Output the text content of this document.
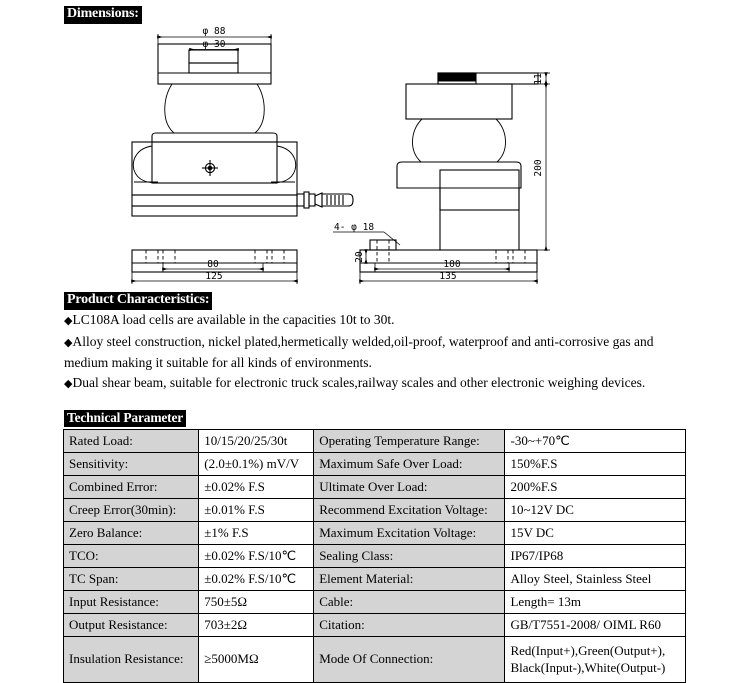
Dimensions:
Product Characteristics:
Technical Parameter
φ 88
φ 30
80
125
4- φ 18
20
100
135
11
200
◆LC108A load cells are available in the capacities 10t to 30t.
◆Alloy steel construction, nickel plated,hermetically welded,oil-proof, waterproof and anti-corrosive gas and medium making it suitable for all kinds of environments.
◆Dual shear beam, suitable for electronic truck scales,railway scales and other electronic weighing devices.
Rated Load:	10/15/20/25/30t	Operating Temperature Range:	-30~+70℃
Sensitivity:	(2.0±0.1%) mV/V	Maximum Safe Over Load:	150%F.S
Combined Error:	±0.02% F.S	Ultimate Over Load:	200%F.S
Creep Error(30min):	±0.01% F.S	Recommend Excitation Voltage:	10~12V DC
Zero Balance:	±1% F.S	Maximum Excitation Voltage:	15V DC
TCO:	±0.02% F.S/10℃	Sealing Class:	IP67/IP68
TC Span:	±0.02% F.S/10℃	Element Material:	Alloy Steel, Stainless Steel
Input Resistance:	750±5Ω	Cable:	Length= 13m
Output Resistance:	703±2Ω	Citation:	GB/T7551-2008/ OIML R60
Insulation Resistance:	≥5000MΩ	Mode Of Connection:	Red(Input+),Green(Output+), Black(Input-),White(Output-)
